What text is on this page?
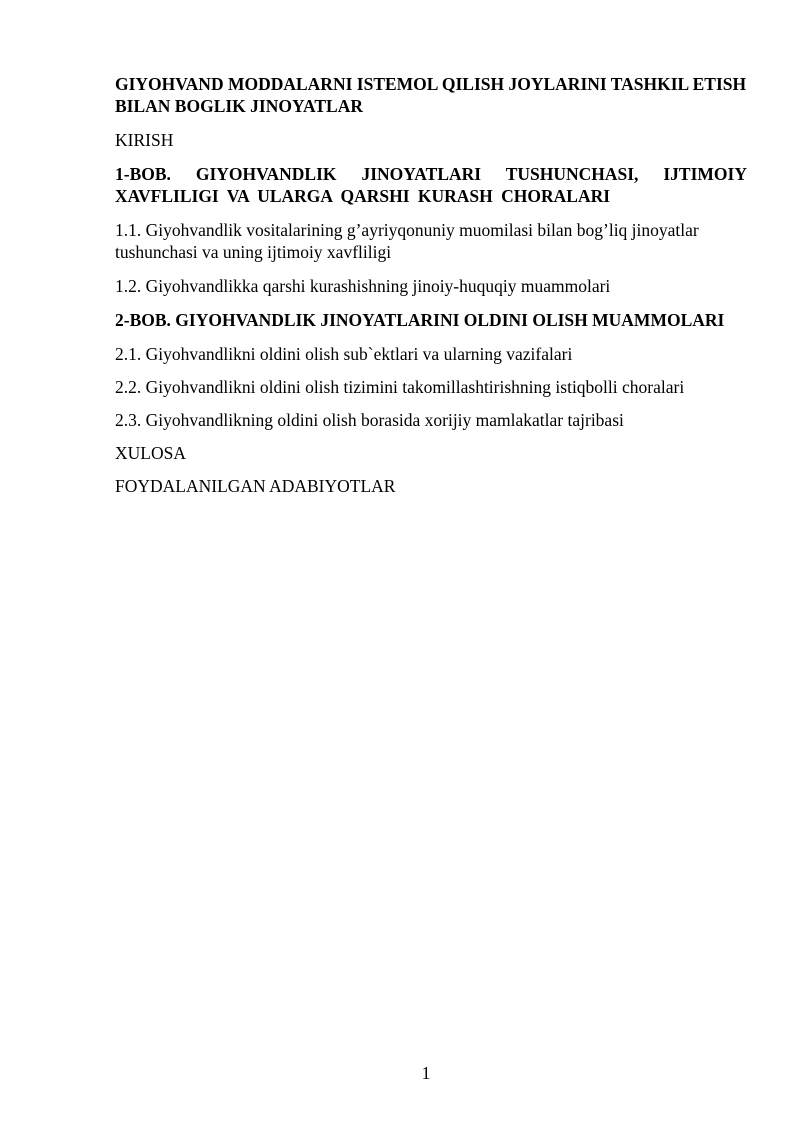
GIYOHVAND MODDALARNI ISTEMOL QILISH JOYLARINI TASHKIL ETISH BILAN BOGLIK JINOYATLAR
KIRISH
1-BOB. GIYOHVANDLIK JINOYATLARI TUSHUNCHASI, IJTIMOIY XAVFLILIGI VA ULARGA QARSHI KURASH CHORALARI
1.1. Giyohvandlik vositalarining g’ayriyqonuniy muomilasi bilan bog’liq jinoyatlar tushunchasi va uning ijtimoiy xavfliligi
1.2. Giyohvandlikka qarshi kurashishning jinoiy-huquqiy muammolari
2-BOB. GIYOHVANDLIK JINOYATLARINI OLDINI OLISH MUAMMOLARI
2.1. Giyohvandlikni oldini olish sub`ektlari va ularning vazifalari
2.2. Giyohvandlikni oldini olish tizimini takomillashtirishning istiqbolli choralari
2.3. Giyohvandlikning oldini olish borasida xorijiy mamlakatlar tajribasi
XULOSA
FOYDALANILGAN ADABIYOTLAR
1
